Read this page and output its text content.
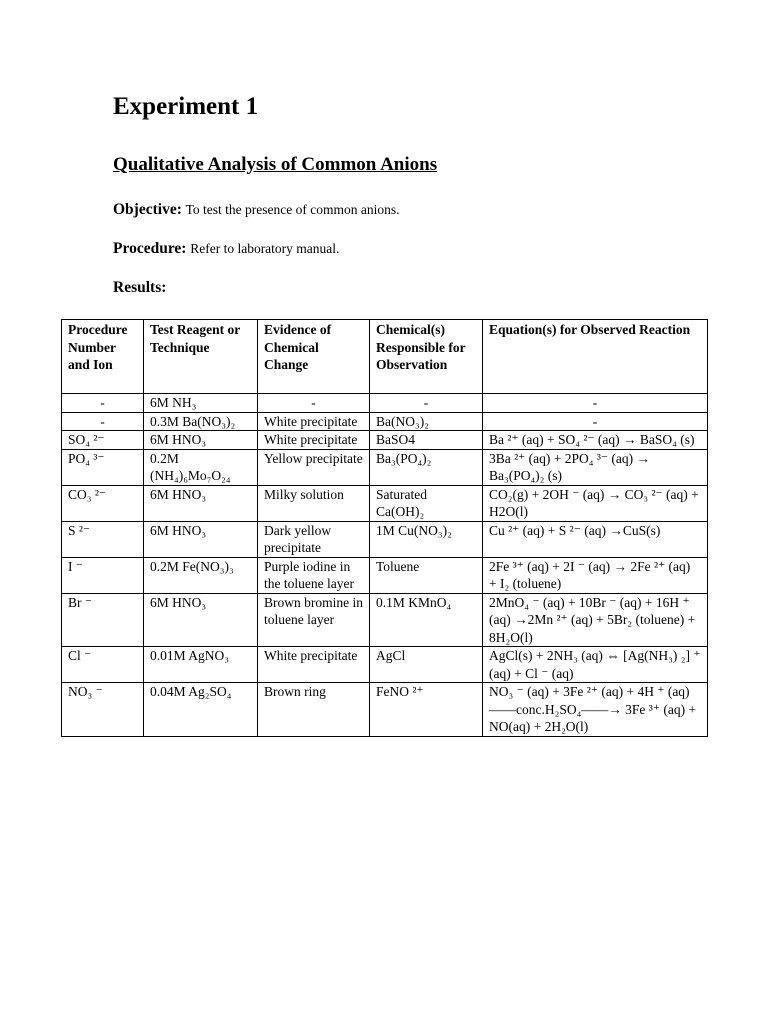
Experiment 1
Qualitative Analysis of Common Anions

Objective: To test the presence of common anions.

Procedure: Refer to laboratory manual.

Results:

Procedure Number and Ion	Test Reagent or Technique	Evidence of Chemical Change	Chemical(s) Responsible for Observation	Equation(s) for Observed Reaction
-	6M NH₃	-	-	-
-	0.3M Ba(NO₃)₂	White precipitate	Ba(NO₃)₂	-
SO₄ ²⁻	6M HNO₃	White precipitate	BaSO4	Ba ²⁺ (aq) + SO₄ ²⁻ (aq) → BaSO₄ (s)
PO₄ ³⁻	0.2M (NH₄)₆Mo₇O₂₄	Yellow precipitate	Ba₃(PO₄)₂	3Ba ²⁺ (aq) + 2PO₄ ³⁻ (aq) → Ba₃(PO₄)₂ (s)
CO₃ ²⁻	6M HNO₃	Milky solution	Saturated Ca(OH)₂	CO₂(g) + 2OH ⁻ (aq) → CO₃ ²⁻ (aq) + H2O(l)
S ²⁻	6M HNO₃	Dark yellow precipitate	1M Cu(NO₃)₂	Cu ²⁺ (aq) + S ²⁻ (aq) →CuS(s)
I ⁻	0.2M Fe(NO₃)₃	Purple iodine in the toluene layer	Toluene	2Fe ³⁺ (aq) + 2I ⁻ (aq) → 2Fe ²⁺ (aq) + I₂ (toluene)
Br ⁻	6M HNO₃	Brown bromine in toluene layer	0.1M KMnO₄	2MnO₄ ⁻ (aq) + 10Br ⁻ (aq) + 16H ⁺ (aq) →2Mn ²⁺ (aq) + 5Br₂ (toluene) + 8H₂O(l)
Cl ⁻	0.01M AgNO₃	White precipitate	AgCl	AgCl(s) + 2NH₃ (aq) ⇔ [Ag(NH₃) ₂] ⁺ (aq) + Cl ⁻ (aq)
NO₃ ⁻	0.04M Ag₂SO₄	Brown ring	FeNO ²⁺	NO₃ ⁻ (aq) + 3Fe ²⁺ (aq) + 4H ⁺ (aq) ——conc.H₂SO₄——→ 3Fe ³⁺ (aq) + NO(aq) + 2H₂O(l)
